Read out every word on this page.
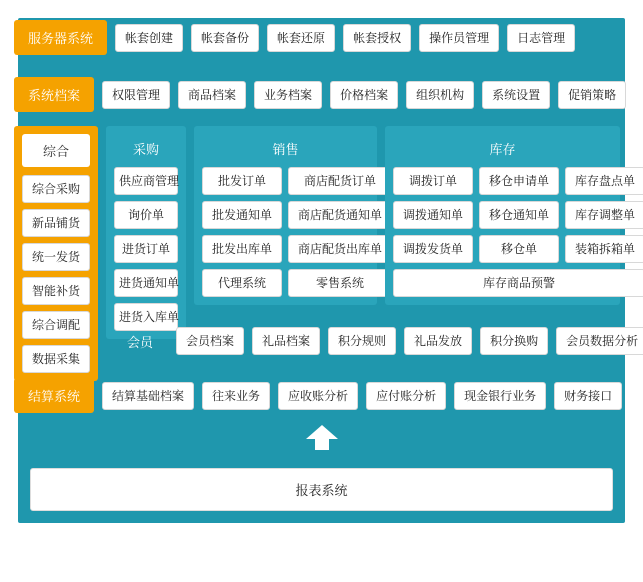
服务器系统	帐套创建	帐套备份	帐套还原	帐套授权	操作员管理	日志管理
系统档案	权限管理	商品档案	业务档案	价格档案	组织机构	系统设置	促销策略
综合
综合采购
新品铺货
统一发货
智能补货
综合调配
数据采集
采购
供应商管理
询价单
进货订单
进货通知单
进货入库单
销售
批发订单	商店配货订单
批发通知单	商店配货通知单
批发出库单	商店配货出库单
代理系统	零售系统
库存
调拨订单	移仓申请单	库存盘点单
调拨通知单	移仓通知单	库存调整单
调拨发货单	移仓单	装箱拆箱单
库存商品预警
会员	会员档案	礼品档案	积分规则	礼品发放	积分换购	会员数据分析
结算系统	结算基础档案	往来业务	应收账分析	应付账分析	现金银行业务	财务接口
报表系统
